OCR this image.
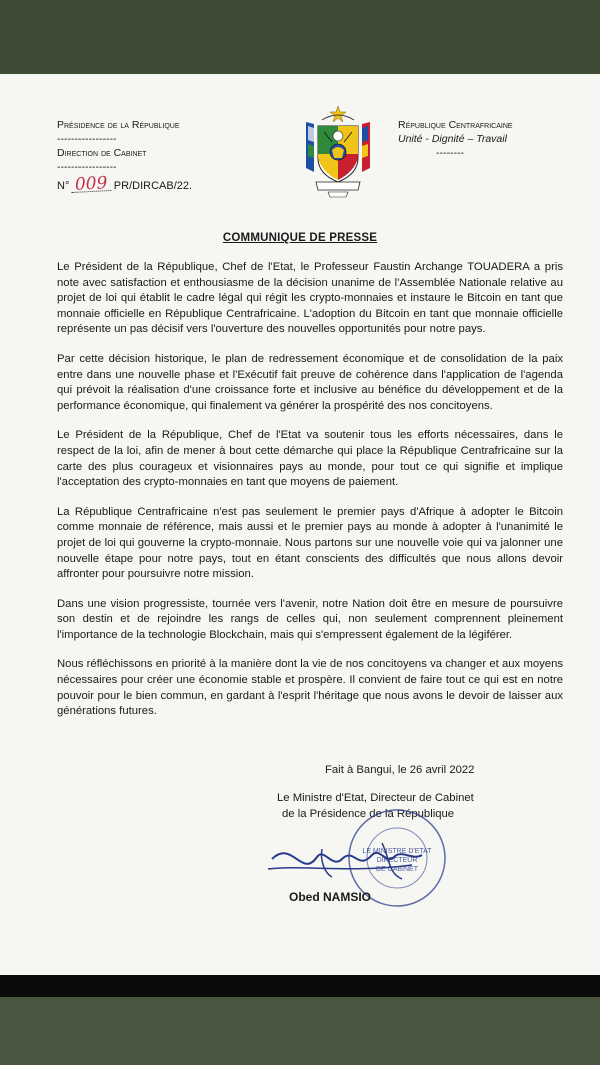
Présidence de la République
-----------------
Direction de Cabinet
-----------------
N° 009 PR/DIRCAB/22.
République Centrafricaine
Unité - Dignité – Travail
--------
COMMUNIQUE DE PRESSE

Le Président de la République, Chef de l'Etat, le Professeur Faustin Archange TOUADERA a pris note avec satisfaction et enthousiasme de la décision unanime de l'Assemblée Nationale relative au projet de loi qui établit le cadre légal qui régit les crypto-monnaies et instaure le Bitcoin en tant que monnaie officielle en République Centrafricaine. L'adoption du Bitcoin en tant que monnaie officielle représente un pas décisif vers l'ouverture des nouvelles opportunités pour notre pays.

Par cette décision historique, le plan de redressement économique et de consolidation de la paix entre dans une nouvelle phase et l'Exécutif fait preuve de cohérence dans l'application de l'agenda qui prévoit la réalisation d'une croissance forte et inclusive au bénéfice du développement et de la performance économique, qui finalement va générer la prospérité des nos concitoyens.

Le Président de la République, Chef de l'Etat va soutenir tous les efforts nécessaires, dans le respect de la loi, afin de mener à bout cette démarche qui place la République Centrafricaine sur la carte des plus courageux et visionnaires pays au monde, pour tout ce qui signifie et implique l'acceptation des crypto-monnaies en tant que moyens de paiement.

La République Centrafricaine n'est pas seulement le premier pays d'Afrique à adopter le Bitcoin comme monnaie de référence, mais aussi et le premier pays au monde à adopter à l'unanimité le projet de loi qui gouverne la crypto-monnaie. Nous partons sur une nouvelle voie qui va jalonner une nouvelle étape pour notre pays, tout en étant conscients des difficultés que nous allons devoir affronter pour poursuivre notre mission.

Dans une vision progressiste, tournée vers l'avenir, notre Nation doit être en mesure de poursuivre son destin et de rejoindre les rangs de celles qui, non seulement comprennent pleinement l'importance de la technologie Blockchain, mais qui s'empressent également de la légiférer.

Nous réfléchissons en priorité à la manière dont la vie de nos concitoyens va changer et aux moyens nécessaires pour créer une économie stable et prospère. Il convient de faire tout ce qui est en notre pouvoir pour le bien commun, en gardant à l'esprit l'héritage que nous avons le devoir de laisser aux générations futures.

Fait à Bangui, le 26 avril 2022
Le Ministre d'Etat, Directeur de Cabinet
de la Présidence de la République
LE MINISTRE D'ETAT
DIRECTEUR
DE CABINET
Obed NAMSIO
